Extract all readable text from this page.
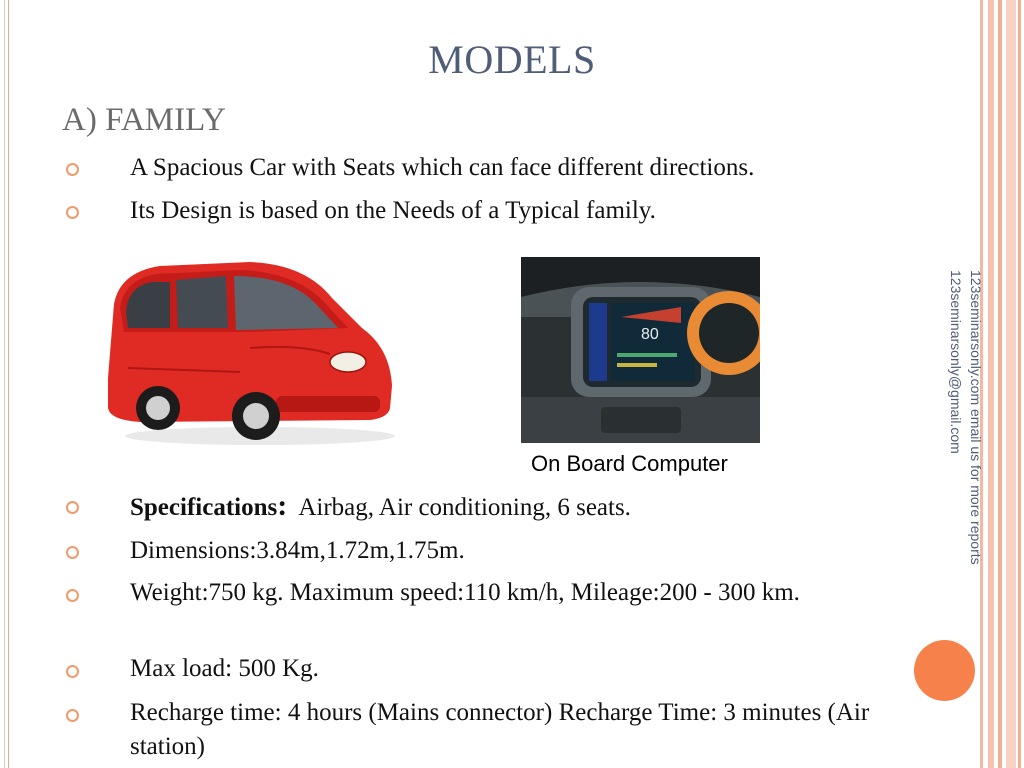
MODELS
A) FAMILY
A Spacious Car with Seats which can face different directions.
Its Design is based on the Needs of a Typical family.
80
On Board Computer
Specifications: Airbag, Air conditioning, 6 seats.
Dimensions:3.84m,1.72m,1.75m.
Weight:750 kg. Maximum speed:110 km/h, Mileage:200 - 300 km.
Max load: 500 Kg.
Recharge time: 4 hours (Mains connector) Recharge Time: 3 minutes (Air station)
123seminarsonly.com email us for more reports 123seminarsonly@gmail.com
